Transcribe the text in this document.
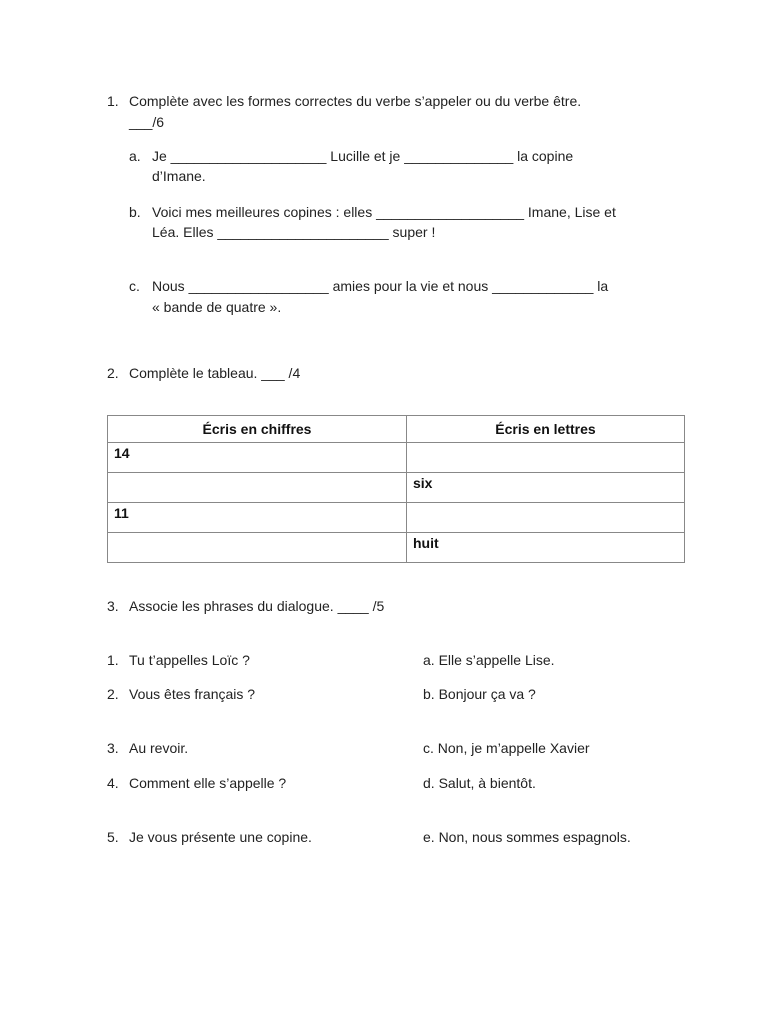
1. Complète avec les formes correctes du verbe s’appeler ou du verbe être.
___/6
a. Je ____________________ Lucille et je ______________ la copine
d’Imane.
b. Voici mes meilleures copines : elles ___________________ Imane, Lise et
Léa. Elles ______________________ super !
c. Nous __________________ amies pour la vie et nous _____________ la
« bande de quatre ».
2. Complète le tableau. ___ /4
Écris en chiffres	Écris en lettres
14	
	six
11	
	huit
3. Associe les phrases du dialogue. ____ /5
1. Tu t’appelles Loïc ?	a. Elle s’appelle Lise.
2. Vous êtes français ?	b. Bonjour ça va ?
3. Au revoir.	c. Non, je m’appelle Xavier
4. Comment elle s’appelle ?	d. Salut, à bientôt.
5. Je vous présente une copine.	e. Non, nous sommes espagnols.
